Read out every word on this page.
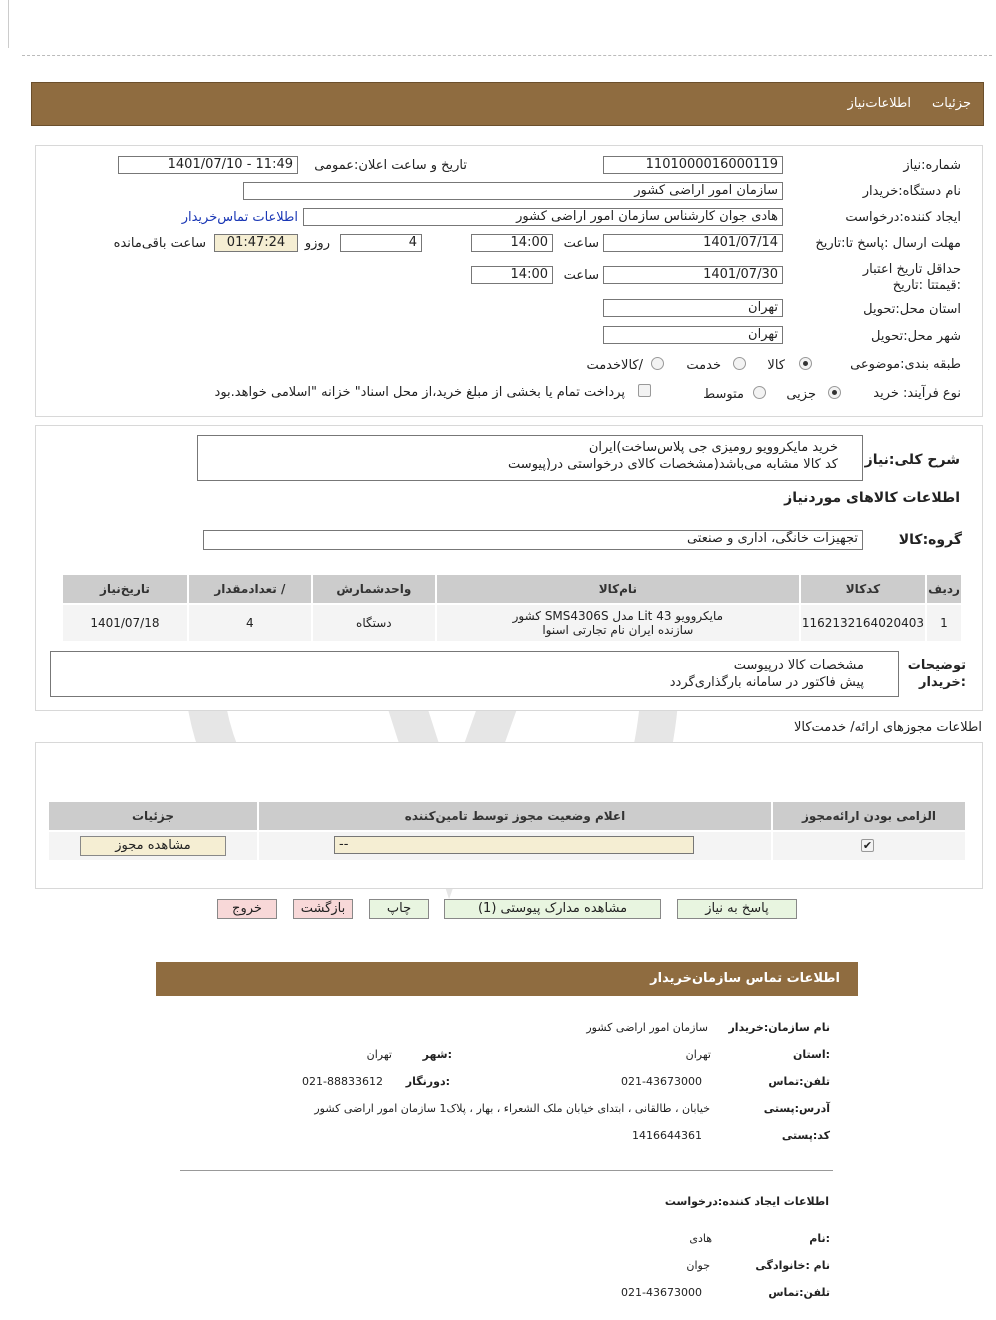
جزئیات
اطلاعات‌نیاز
شماره:نیاز
1101000016000119
تاریخ و ساعت اعلان:عمومی
1401/07/10 - 11:49
نام دستگاه:خریدار
سازمان امور اراضی کشور
ایجاد کننده:درخواست
هادی جوان کارشناس سازمان امور اراضی کشور
اطلاعات تماس‌خریدار
مهلت ارسال :پاسخ تا:تاریخ
1401/07/14
ساعت
14:00
4
روزو
01:47:24
ساعت باقی‌مانده
حداقل تاریخ اعتبار :قیمتتا :تاریخ
1401/07/30
ساعت
14:00
استان محل:تحویل
تهران
شهر محل:تحویل
تهران
طبقه بندی:موضوعی
کالا
خدمت
/کالاخدمت
نوع فرآیند: خرید
جزیی
متوسط
پرداخت تمام یا بخشی از مبلغ خرید،از محل اسناد" خزانه "اسلامی خواهد.بود
شرح کلی:نیاز
خرید مایکروویو رومیزی جی پلاس‌ساخت)ایران
کد کالا مشابه می‌باشد(مشخصات کالای درخواستی در(پیوست
اطلاعات کالاهای موردنیاز
گروه:کالا
تجهیزات خانگی، اداری و صنعتی
ردیف	کدکالا	نام‌کالا	واحدشمارش	/ تعدادمقدار	تاریخ‌نیاز
1	1162132164020403	مایکروویو 43 Lit مدل SMS4306S کشور
سازنده ایران نام تجارتی اسنوا	دستگاه	4	1401/07/18
توضیحات :خریدار
مشخصات کالا درپیوست
پیش فاکتور در سامانه بارگذاری‌گردد
اطلاعات مجوزهای ارائه/ خدمت‌کالا
الزامی بودن ارائه‌مجوز	اعلام وضعیت مجوز توسط تامین‌کننده	جزئیات

✔	--	مشاهده مجوز
پاسخ به نیاز
مشاهده مدارک پیوستی (1)
چاپ
بازگشت
خروج
اطلاعات تماس سازمان‌خریدار
نام سازمان:خریدار
سازمان امور اراضی کشور
:استان
تهران
:شهر
تهران
تلفن:تماس
021-43673000
:دورنگار
021-88833612
آدرس:پستی
خیابان ، طالقانی ، ابتدای خیابان ملک الشعراء ، بهار ، پلاک1 سازمان امور اراضی کشور
کد:پستی
1416644361
اطلاعات ایجاد کننده:درخواست
:نام
هادی
نام :خانوادگی
جوان
تلفن:تماس
021-43673000
